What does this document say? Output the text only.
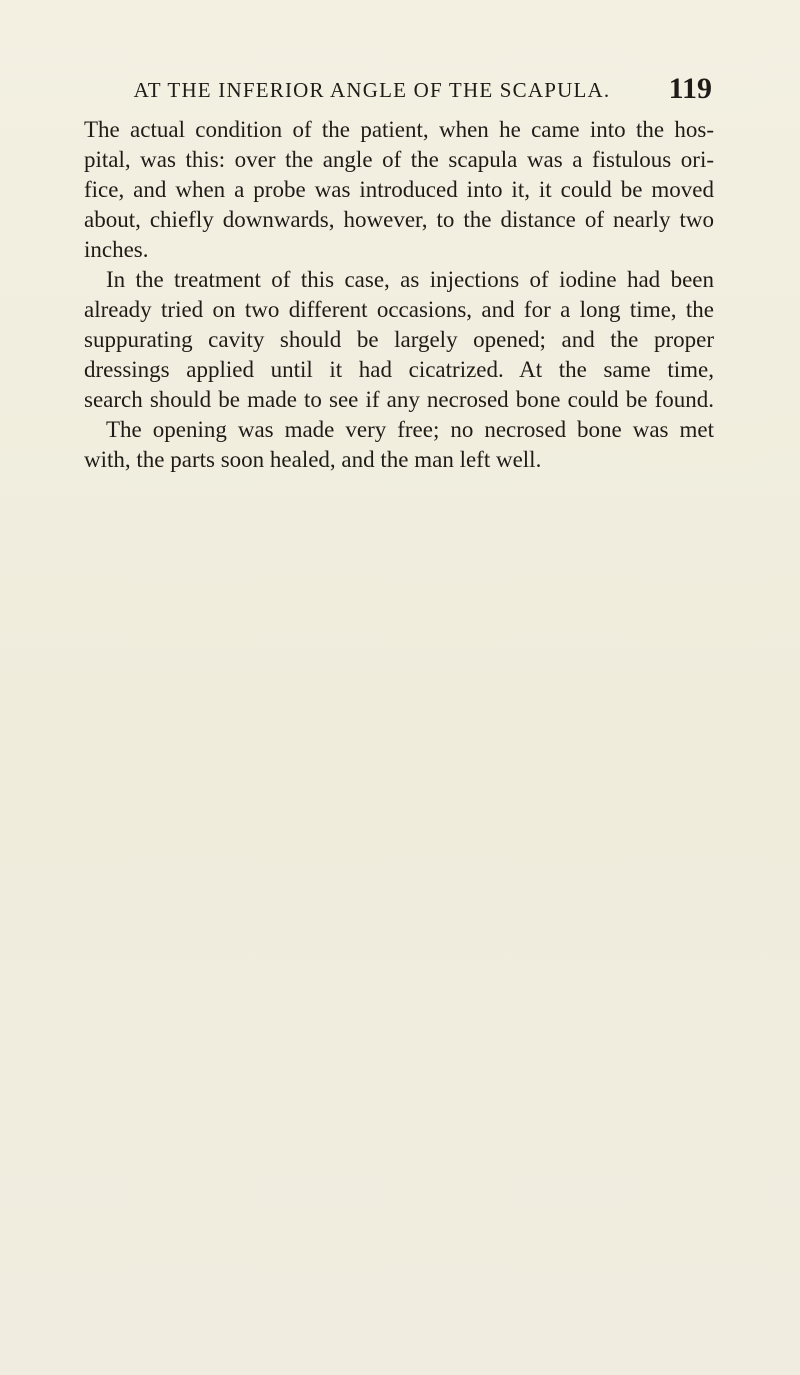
AT THE INFERIOR ANGLE OF THE SCAPULA.	119
The actual condition of the patient, when he came into the hos-
pital, was this: over the angle of the scapula was a fistulous ori-
fice, and when a probe was introduced into it, it could be moved
about, chiefly downwards, however, to the distance of nearly two
inches.
In the treatment of this case, as injections of iodine had been
already tried on two different occasions, and for a long time, the
suppurating cavity should be largely opened; and the proper
dressings applied until it had cicatrized. At the same time,
search should be made to see if any necrosed bone could be found.
The opening was made very free; no necrosed bone was met
with, the parts soon healed, and the man left well.
